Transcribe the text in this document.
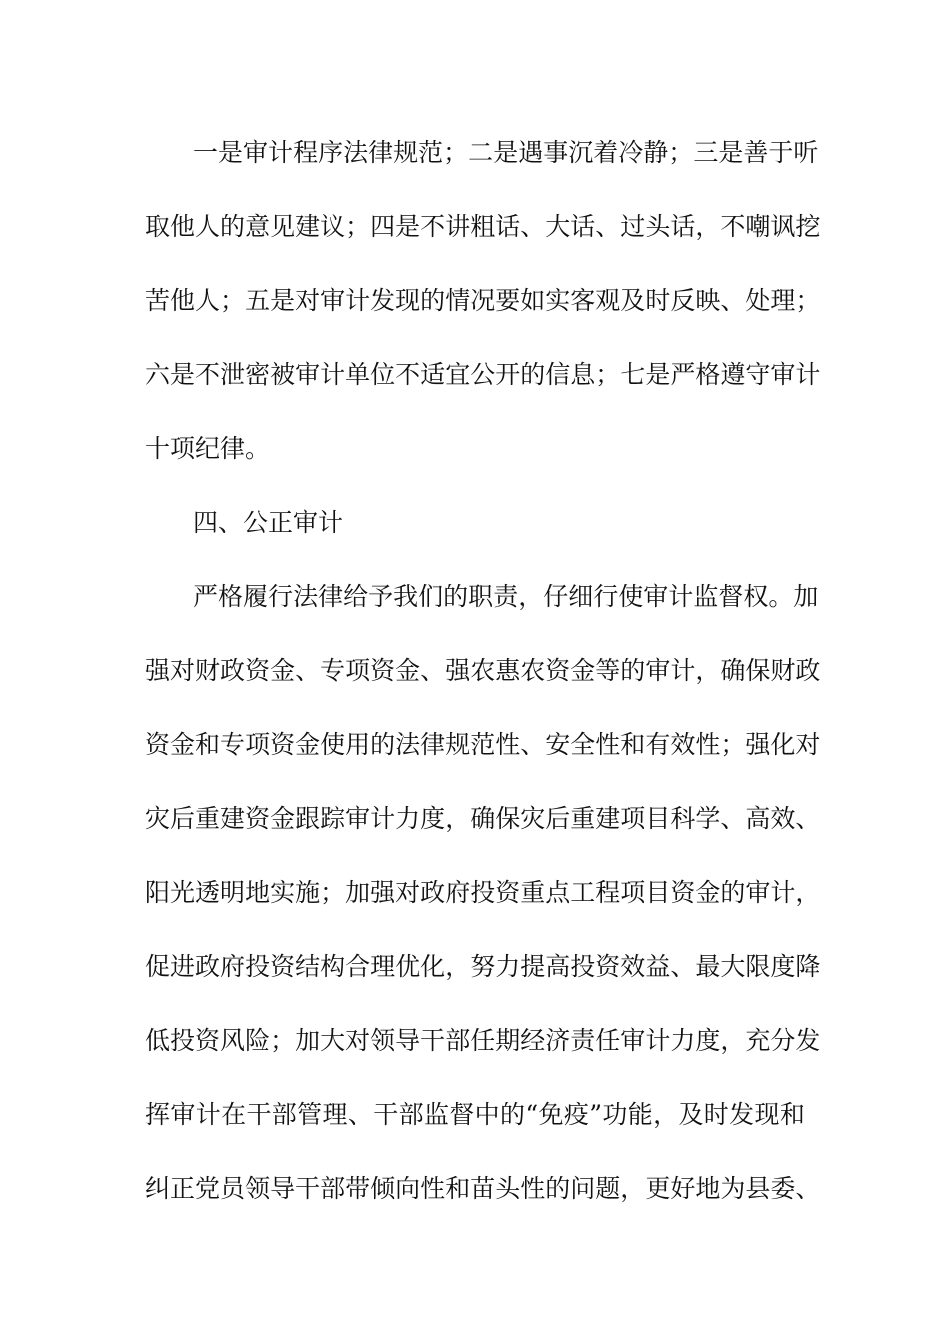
一 是 审 计 程 序 法 律 规 范 ； 二 是 遇 事 沉 着 冷 静 ； 三 是 善 于 听
取 他 人 的 意 见 建 议 ； 四 是 不 讲 粗 话 、 大 话 、 过 头 话 ， 不 嘲 讽 挖
苦 他 人 ； 五 是 对 审 计 发 现 的 情 况 要 如 实 客 观 及 时 反 映 、 处 理 ；
六 是 不 泄 密 被 审 计 单 位 不 适 宜 公 开 的 信 息 ； 七 是 严 格 遵 守 审 计
十项纪律。
四、公正审计
严 格 履 行 法 律 给 予 我 们 的 职 责 ， 仔 细 行 使 审 计 监 督 权 。 加
强 对 财 政 资 金 、 专 项 资 金 、 强 农 惠 农 资 金 等 的 审 计 ， 确 保 财 政
资 金 和 专 项 资 金 使 用 的 法 律 规 范 性 、 安 全 性 和 有 效 性 ； 强 化 对
灾 后 重 建 资 金 跟 踪 审 计 力 度 ， 确 保 灾 后 重 建 项 目 科 学 、 高 效 、
阳 光 透 明 地 实 施 ； 加 强 对 政 府 投 资 重 点 工 程 项 目 资 金 的 审 计 ，
促 进 政 府 投 资 结 构 合 理 优 化 ， 努 力 提 高 投 资 效 益 、 最 大 限 度 降
低 投 资 风 险 ； 加 大 对 领 导 干 部 任 期 经 济 责 任 审 计 力 度 ， 充 分 发
挥 审 计 在 干 部 管 理 、 干 部 监 督 中 的 “ 免 疫 ” 功 能 ， 及 时 发 现 和
纠 正 党 员 领 导 干 部 带 倾 向 性 和 苗 头 性 的 问 题 ， 更 好 地 为 县 委 、
